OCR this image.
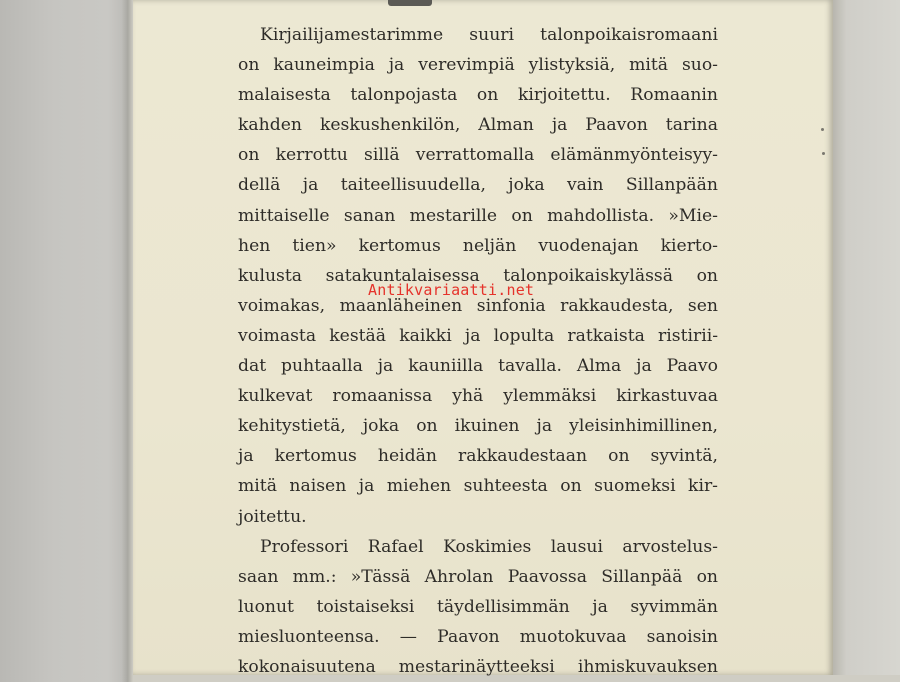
Kirjailijamestarimme suuri talonpoikaisromaani
on kauneimpia ja verevimpiä ylistyksiä, mitä suo-
malaisesta talonpojasta on kirjoitettu. Romaanin
kahden keskushenkilön, Alman ja Paavon tarina
on kerrottu sillä verrattomalla elämänmyönteisyy-
dellä ja taiteellisuudella, joka vain Sillanpään
mittaiselle sanan mestarille on mahdollista. »Mie-
hen tien» kertomus neljän vuodenajan kierto-
kulusta satakuntalaisessa talonpoikaiskylässä on
voimakas, maanläheinen sinfonia rakkaudesta, sen
voimasta kestää kaikki ja lopulta ratkaista ristirii-
dat puhtaalla ja kauniilla tavalla. Alma ja Paavo
kulkevat romaanissa yhä ylemmäksi kirkastuvaa
kehitystietä, joka on ikuinen ja yleisinhimillinen,
ja kertomus heidän rakkaudestaan on syvintä,
mitä naisen ja miehen suhteesta on suomeksi kir-
joitettu.
Professori Rafael Koskimies lausui arvostelus-
saan mm.: »Tässä Ahrolan Paavossa Sillanpää on
luonut toistaiseksi täydellisimmän ja syvimmän
miesluonteensa. — Paavon muotokuvaa sanoisin
kokonaisuutena mestarinäytteeksi ihmiskuvauksen
Antikvariaatti.net
